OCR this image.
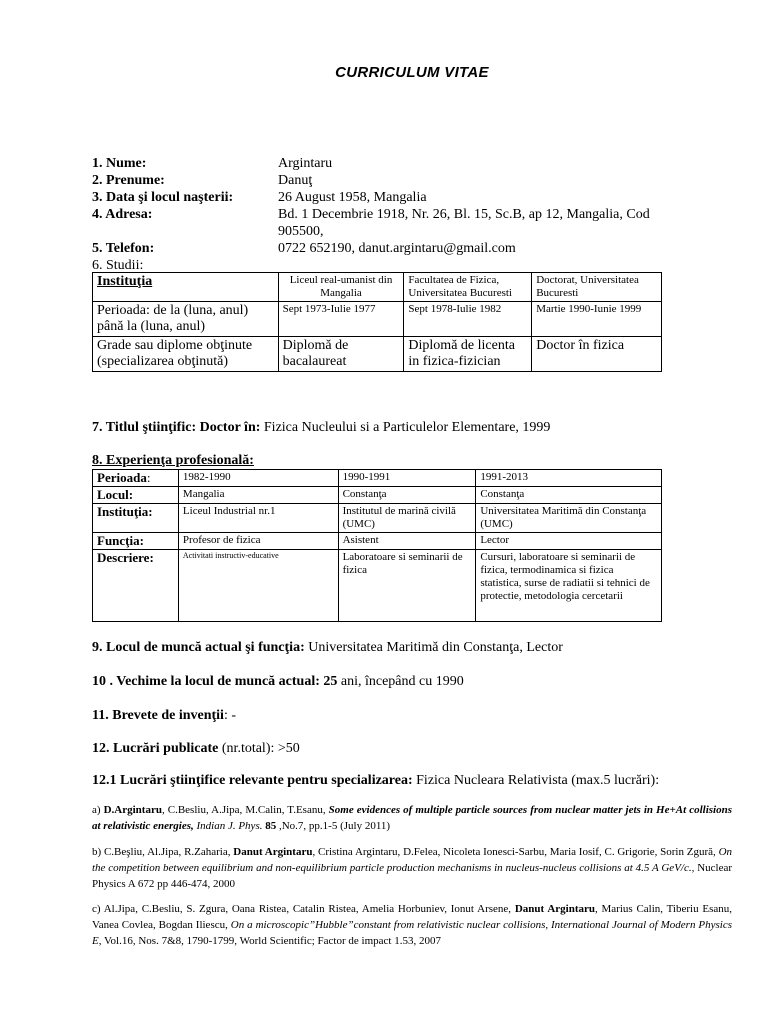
CURRICULUM VITAE
1. Nume:	Argintaru
2. Prenume:	Danuţ
3. Data şi locul naşterii:	26 August 1958, Mangalia
4. Adresa:	Bd. 1 Decembrie 1918, Nr. 26, Bl. 15, Sc.B, ap 12, Mangalia, Cod 905500,
5. Telefon:	0722 652190, danut.argintaru@gmail.com
6. Studii:
Instituţia	Liceul real-umanist din Mangalia	Facultatea de Fizica, Universitatea Bucuresti	Doctorat, Universitatea Bucuresti
Perioada: de la (luna, anul) până la (luna, anul)	Sept 1973-Iulie 1977	Sept 1978-Iulie 1982	Martie 1990-Iunie 1999
Grade sau diplome obţinute (specializarea obţinută)	Diplomă de bacalaureat	Diplomă de licenta in fizica-fizician	Doctor în fizica
7. Titlul ştiinţific: Doctor în: Fizica Nucleului si a Particulelor Elementare, 1999
8. Experienţa profesională:
Perioada:	1982-1990	1990-1991	1991-2013
Locul:	Mangalia	Constanţa	Constanţa
Instituţia:	Liceul Industrial nr.1	Institutul de marină civilă (UMC)	Universitatea Maritimă din Constanţa (UMC)
Funcţia:	Profesor de fizica	Asistent	Lector
Descriere:	Activitati instructiv-educative	Laboratoare si seminarii de fizica	Cursuri, laboratoare si seminarii de fizica, termodinamica si fizica statistica, surse de radiatii si tehnici de protectie, metodologia cercetarii
9. Locul de muncă actual şi funcţia: Universitatea Maritimă din Constanţa, Lector
10 . Vechime la locul de muncă actual: 25 ani, începând cu 1990
11. Brevete de invenţii: -
12. Lucrări publicate (nr.total): >50
12.1 Lucrări ştiinţifice relevante pentru specializarea: Fizica Nucleara Relativista (max.5 lucrări):
a) D.Argintaru, C.Besliu, A.Jipa, M.Calin, T.Esanu, Some evidences of multiple particle sources from nuclear matter jets in He+At collisions at relativistic energies, Indian J. Phys. 85 ,No.7, pp.1-5 (July 2011)
b) C.Beşliu, Al.Jipa, R.Zaharia, Danut Argintaru, Cristina Argintaru, D.Felea, Nicoleta Ionesci-Sarbu, Maria Iosif, C. Grigorie, Sorin Zgură, On the competition between equilibrium and non-equilibrium particle production mechanisms in nucleus-nucleus collisions at 4.5 A GeV/c., Nuclear Physics A 672 pp 446-474, 2000
c) Al.Jipa, C.Besliu, S. Zgura, Oana Ristea, Catalin Ristea, Amelia Horbuniev, Ionut Arsene, Danut Argintaru, Marius Calin, Tiberiu Esanu, Vanea Covlea, Bogdan Iliescu, On a microscopic”Hubble”constant from relativistic nuclear collisions, International Journal of Modern Physics E, Vol.16, Nos. 7&8, 1790-1799, World Scientific; Factor de impact 1.53, 2007
